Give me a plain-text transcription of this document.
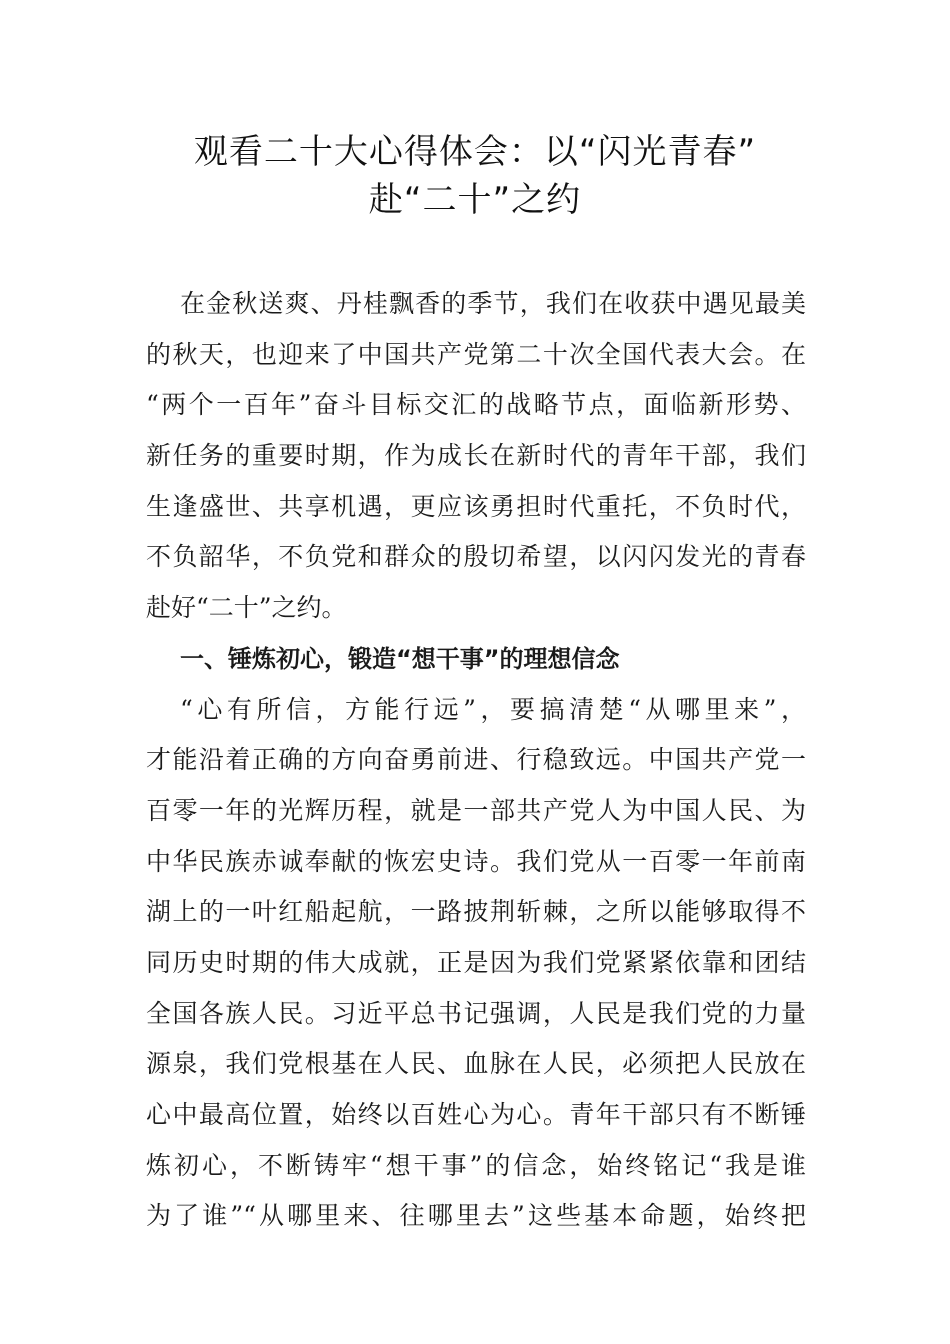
观看二十大心得体会：以“闪光青春”
赴“二十”之约
在金秋送爽、丹桂飘香的季节，我们在收获中遇见最美
的秋天，也迎来了中国共产党第二十次全国代表大会。在
“两个一百年”奋斗目标交汇的战略节点，面临新形势、
新任务的重要时期，作为成长在新时代的青年干部，我们
生逢盛世、共享机遇，更应该勇担时代重托，不负时代，
不负韶华，不负党和群众的殷切希望，以闪闪发光的青春
赴好“二十”之约。
一、锤炼初心，锻造“想干事”的理想信念
“心有所信，方能行远”，要搞清楚“从哪里来”，
才能沿着正确的方向奋勇前进、行稳致远。中国共产党一
百零一年的光辉历程，就是一部共产党人为中国人民、为
中华民族赤诚奉献的恢宏史诗。我们党从一百零一年前南
湖上的一叶红船起航，一路披荆斩棘，之所以能够取得不
同历史时期的伟大成就，正是因为我们党紧紧依靠和团结
全国各族人民。习近平总书记强调，人民是我们党的力量
源泉，我们党根基在人民、血脉在人民，必须把人民放在
心中最高位置，始终以百姓心为心。青年干部只有不断锤
炼初心，不断铸牢“想干事”的信念，始终铭记“我是谁
为了谁”“从哪里来、往哪里去”这些基本命题，始终把
